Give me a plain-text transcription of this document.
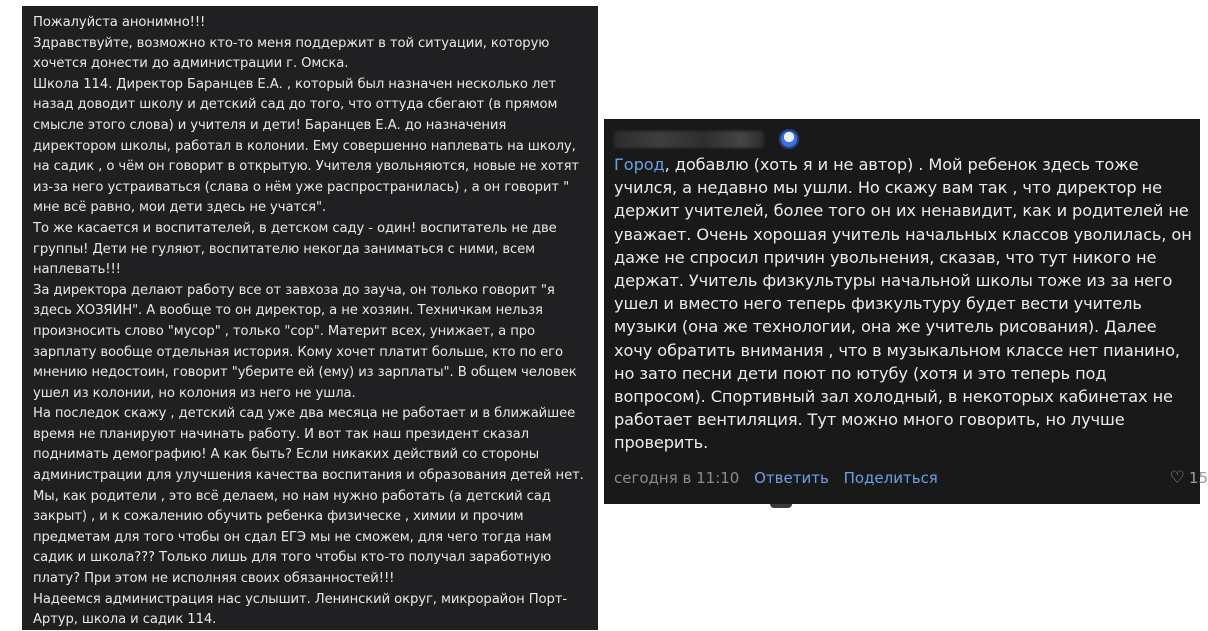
Пожалуйста анонимно!!!
Здравствуйте, возможно кто-то меня поддержит в той ситуации, которую
хочется донести до администрации г. Омска.
Школа 114. Директор Баранцев Е.А. , который был назначен несколько лет
назад доводит школу и детский сад до того, что оттуда сбегают (в прямом
смысле этого слова) и учителя и дети! Баранцев Е.А. до назначения
директором школы, работал в колонии. Ему совершенно наплевать на школу,
на садик , о чём он говорит в открытую. Учителя увольняются, новые не хотят
из-за него устраиваться (слава о нём уже распространилась) , а он говорит "
мне всё равно, мои дети здесь не учатся".
То же касается и воспитателей, в детском саду - один! воспитатель не две
группы! Дети не гуляют, воспитателю некогда заниматься с ними, всем
наплевать!!!
За директора делают работу все от завхоза до зауча, он только говорит "я
здесь ХОЗЯИН". А вообще то он директор, а не хозяин. Техничкам нельзя
произносить слово "мусор" , только "сор". Материт всех, унижает, а про
зарплату вообще отдельная история. Кому хочет платит больше, кто по его
мнению недостоин, говорит "уберите ей (ему) из зарплаты". В общем человек
ушел из колонии, но колония из него не ушла.
На последок скажу , детский сад уже два месяца не работает и в ближайшее
время не планируют начинать работу. И вот так наш президент сказал
поднимать демографию! А как быть? Если никаких действий со стороны
администрации для улучшения качества воспитания и образования детей нет.
Мы, как родители , это всё делаем, но нам нужно работать (а детский сад
закрыт) , и к сожалению обучить ребенка физическе , химии и прочим
предметам для того чтобы он сдал ЕГЭ мы не сможем, для чего тогда нам
садик и школа??? Только лишь для того чтобы кто-то получал заработную
плату? При этом не исполняя своих обязанностей!!!
Надеемся администрация нас услышит. Ленинский округ, микрорайон Порт-
Артур, школа и садик 114.
Город, добавлю (хоть я и не автор) . Мой ребенок здесь тоже
учился, а недавно мы ушли. Но скажу вам так , что директор не
держит учителей, более того он их ненавидит, как и родителей не
уважает. Очень хорошая учитель начальных классов уволилась, он
даже не спросил причин увольнения, сказав, что тут никого не
держат. Учитель физкультуры начальной школы тоже из за него
ушел и вместо него теперь физкультуру будет вести учитель
музыки (она же технологии, она же учитель рисования). Далее
хочу обратить внимания , что в музыкальном классе нет пианино,
но зато песни дети поют по ютубу (хотя и это теперь под
вопросом). Спортивный зал холодный, в некоторых кабинетах не
работает вентиляция. Тут можно много говорить, но лучше
проверить.
сегодня в 11:10 Ответить Поделиться	♡ 15
